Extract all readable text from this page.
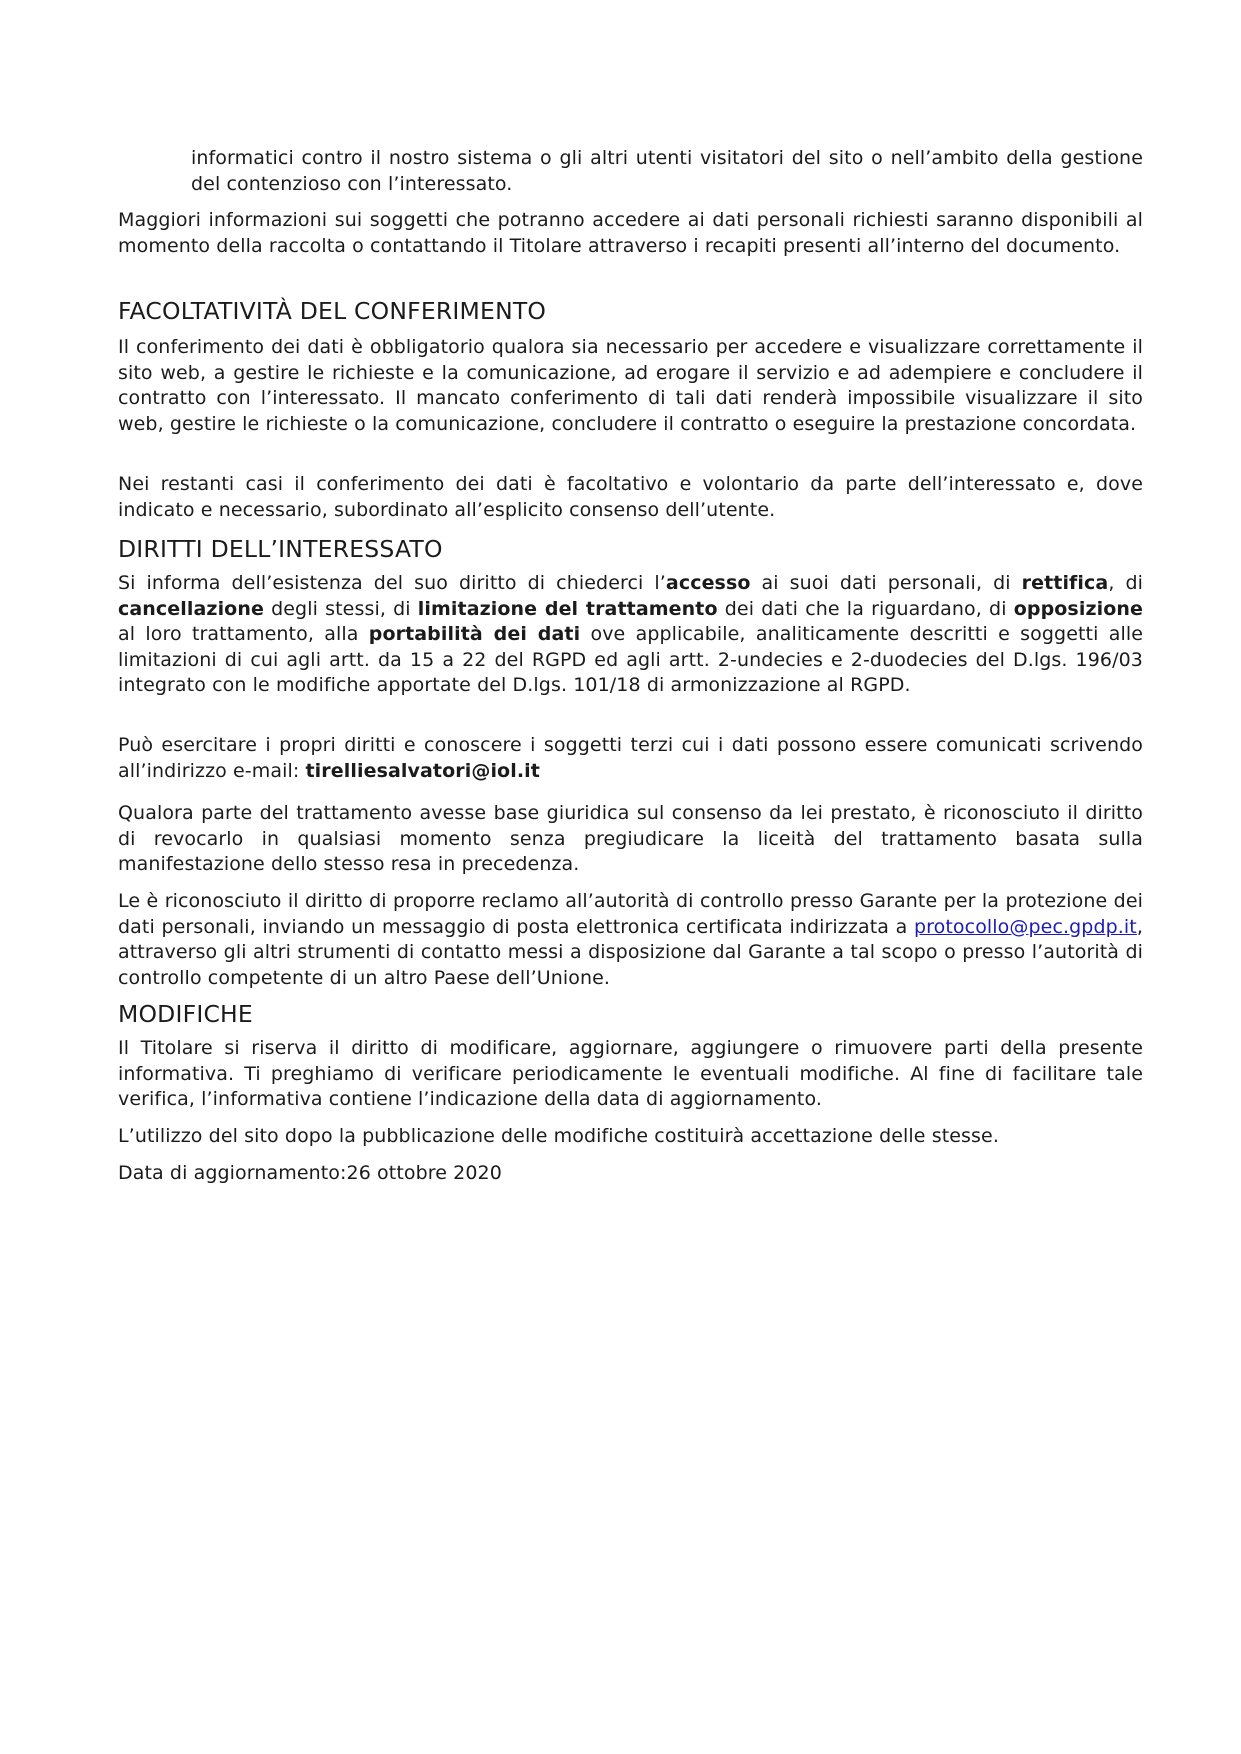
informatici contro il nostro sistema o gli altri utenti visitatori del sito o nell’ambito della gestione del contenzioso con l’interessato.

Maggiori informazioni sui soggetti che potranno accedere ai dati personali richiesti saranno disponibili al momento della raccolta o contattando il Titolare attraverso i recapiti presenti all’interno del documento.

FACOLTATIVITÀ DEL CONFERIMENTO

Il conferimento dei dati è obbligatorio qualora sia necessario per accedere e visualizzare correttamente il sito web, a gestire le richieste e la comunicazione, ad erogare il servizio e ad adempiere e concludere il contratto con l’interessato. Il mancato conferimento di tali dati renderà impossibile visualizzare il sito web, gestire le richieste o la comunicazione, concludere il contratto o eseguire la prestazione concordata.

Nei restanti casi il conferimento dei dati è facoltativo e volontario da parte dell’interessato e, dove indicato e necessario, subordinato all’esplicito consenso dell’utente.

DIRITTI DELL’INTERESSATO

Si informa dell’esistenza del suo diritto di chiederci l’accesso ai suoi dati personali, di rettifica, di cancellazione degli stessi, di limitazione del trattamento dei dati che la riguardano, di opposizione al loro trattamento, alla portabilità dei dati ove applicabile, analiticamente descritti e soggetti alle limitazioni di cui agli artt. da 15 a 22 del RGPD ed agli artt. 2-undecies e 2-duodecies del D.lgs. 196/03 integrato con le modifiche apportate del D.lgs. 101/18 di armonizzazione al RGPD.

Può esercitare i propri diritti e conoscere i soggetti terzi cui i dati possono essere comunicati scrivendo all’indirizzo e-mail: tirelliesalvatori@iol.it

Qualora parte del trattamento avesse base giuridica sul consenso da lei prestato, è riconosciuto il diritto di revocarlo in qualsiasi momento senza pregiudicare la liceità del trattamento basata sulla manifestazione dello stesso resa in precedenza.

Le è riconosciuto il diritto di proporre reclamo all’autorità di controllo presso Garante per la protezione dei dati personali, inviando un messaggio di posta elettronica certificata indirizzata a protocollo@pec.gpdp.it, attraverso gli altri strumenti di contatto messi a disposizione dal Garante a tal scopo o presso l’autorità di controllo competente di un altro Paese dell’Unione.

MODIFICHE

Il Titolare si riserva il diritto di modificare, aggiornare, aggiungere o rimuovere parti della presente informativa. Ti preghiamo di verificare periodicamente le eventuali modifiche. Al fine di facilitare tale verifica, l’informativa contiene l’indicazione della data di aggiornamento.

L’utilizzo del sito dopo la pubblicazione delle modifiche costituirà accettazione delle stesse.

Data di aggiornamento:26 ottobre 2020
